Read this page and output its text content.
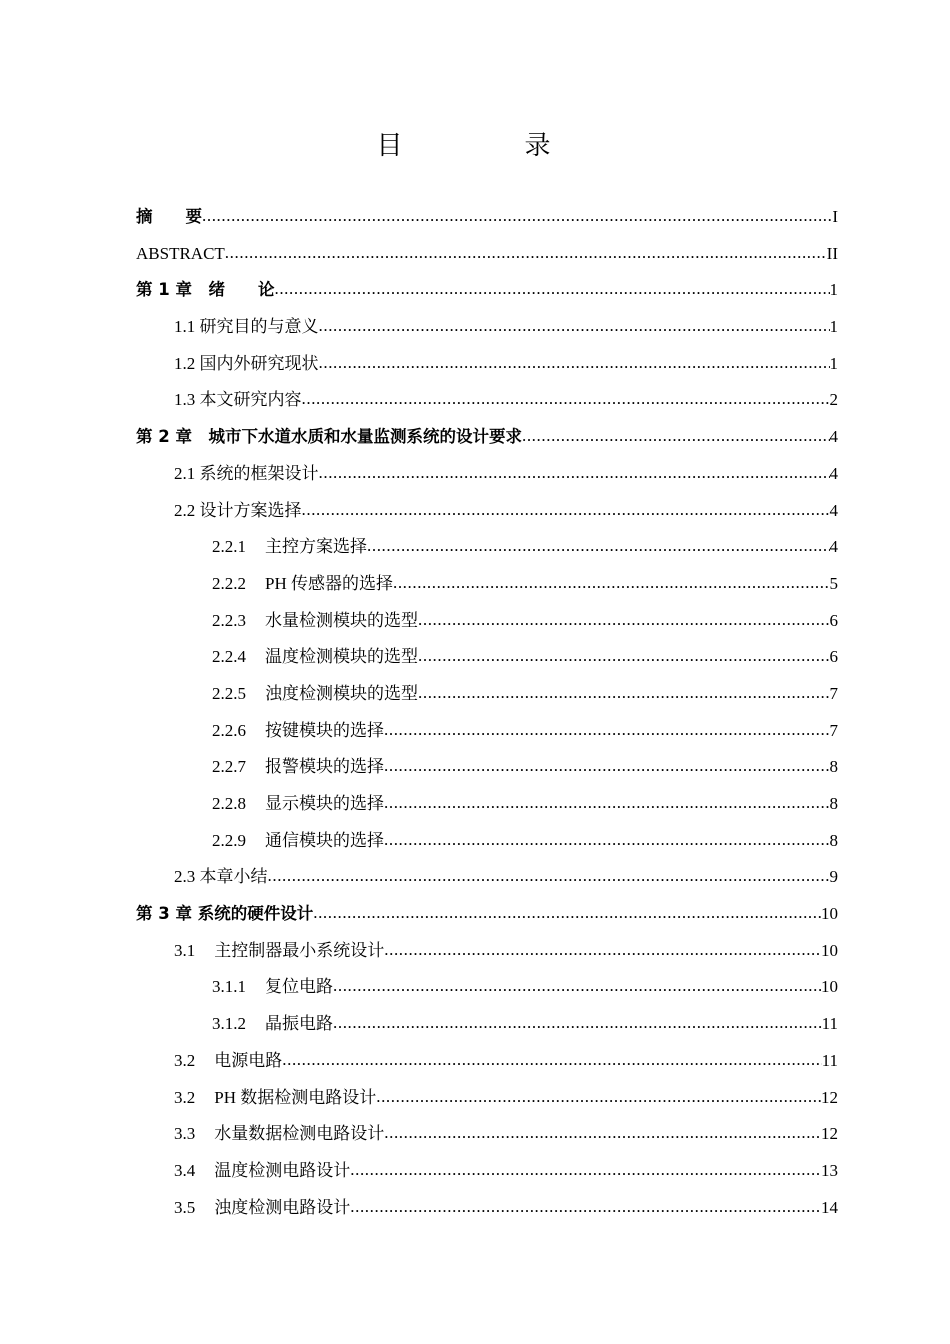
目　录
摘　　要 .....	I
ABSTRACT .....	II
第 1 章　绪　　论 .....	1
1.1 研究目的与意义 .....	1
1.2 国内外研究现状 .....	1
1.3 本文研究内容 .....	2
第 2 章　城市下水道水质和水量监测系统的设计要求 .....	4
2.1 系统的框架设计 .....	4
2.2 设计方案选择 .....	4
2.2.1 主控方案选择 .....	4
2.2.2 PH 传感器的选择 .....	5
2.2.3 水量检测模块的选型 .....	6
2.2.4 温度检测模块的选型 .....	6
2.2.5 浊度检测模块的选型 .....	7
2.2.6 按键模块的选择 .....	7
2.2.7 报警模块的选择 .....	8
2.2.8 显示模块的选择 .....	8
2.2.9 通信模块的选择 .....	8
2.3 本章小结 .....	9
第 3 章 系统的硬件设计 .....	10
3.1 主控制器最小系统设计 .....	10
3.1.1 复位电路 .....	10
3.1.2 晶振电路 .....	11
3.2 电源电路 .....	11
3.2 PH 数据检测电路设计 .....	12
3.3 水量数据检测电路设计 .....	12
3.4 温度检测电路设计 .....	13
3.5 浊度检测电路设计 .....	14
